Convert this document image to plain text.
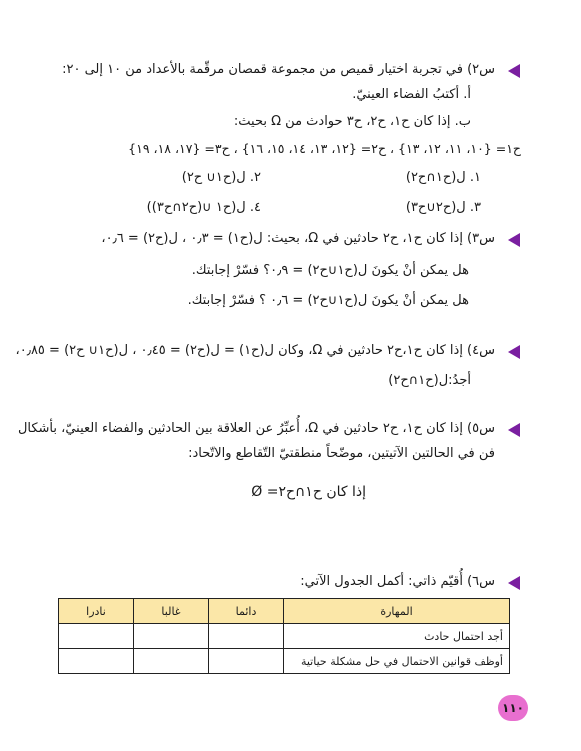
س٢) في تجربة اختيار قميص من مجموعة قمصان مرقّمة بالأعداد من ١٠ إلى ٢٠:
أ. أكتبُ الفضاء العينيّ.
ب. إذا كان ح١، ح٢، ح٣ حوادث من Ω بحيث:
ح١= {١٠، ١١، ١٢، ١٣} ، ح٢= {١٢، ١٣، ١٤، ١٥، ١٦} ، ح٣= {١٧، ١٨، ١٩}
١. ل(ح١∩ح٢)
٢. ل(ح١∪ ح٢)
٣. ل(ح٢∪ح٣)
٤. ل(ح١ ∪(ح٢∩ح٣))
س٣) إذا كان ح١، ح٢ حادثين في Ω، بحيث: ل(ح١) = ٠٫٣ ، ل(ح٢) = ٠٫٦،
هل يمكن أنْ يكونَ ل(ح١∪ح٢) = ٠٫٩؟ فسّرْ إجابتك.
هل يمكن أنْ يكونَ ل(ح١∪ح٢) = ٠٫٦ ؟ فسّرْ إجابتك.
س٤) إذا كان ح١،ح٢ حادثين في Ω، وكان ل(ح١) = ل(ح٢) = ٠٫٤٥ ، ل(ح١∪ ح٢) = ٠٫٨٥،
أجدُ:ل(ح١∩ح٢)
س٥) إذا كان ح١، ح٢ حادثين في Ω، أُعبِّرُ عن العلاقة بين الحادثين والفضاء العينيّ، بأشكال
فن في الحالتين الآتيتين، موضّحاً منطقتيّ التّقاطع والاتّحاد:
إذا كان ح١∩ح٢= Ø
س٦) أُقيّم ذاتي: أكمل الجدول الآتي:
المهارة	دائما	غالبا	نادرا
أجد احتمال حادث			
أوظف قوانين الاحتمال في حل مشكلة حياتية			
١١٠
